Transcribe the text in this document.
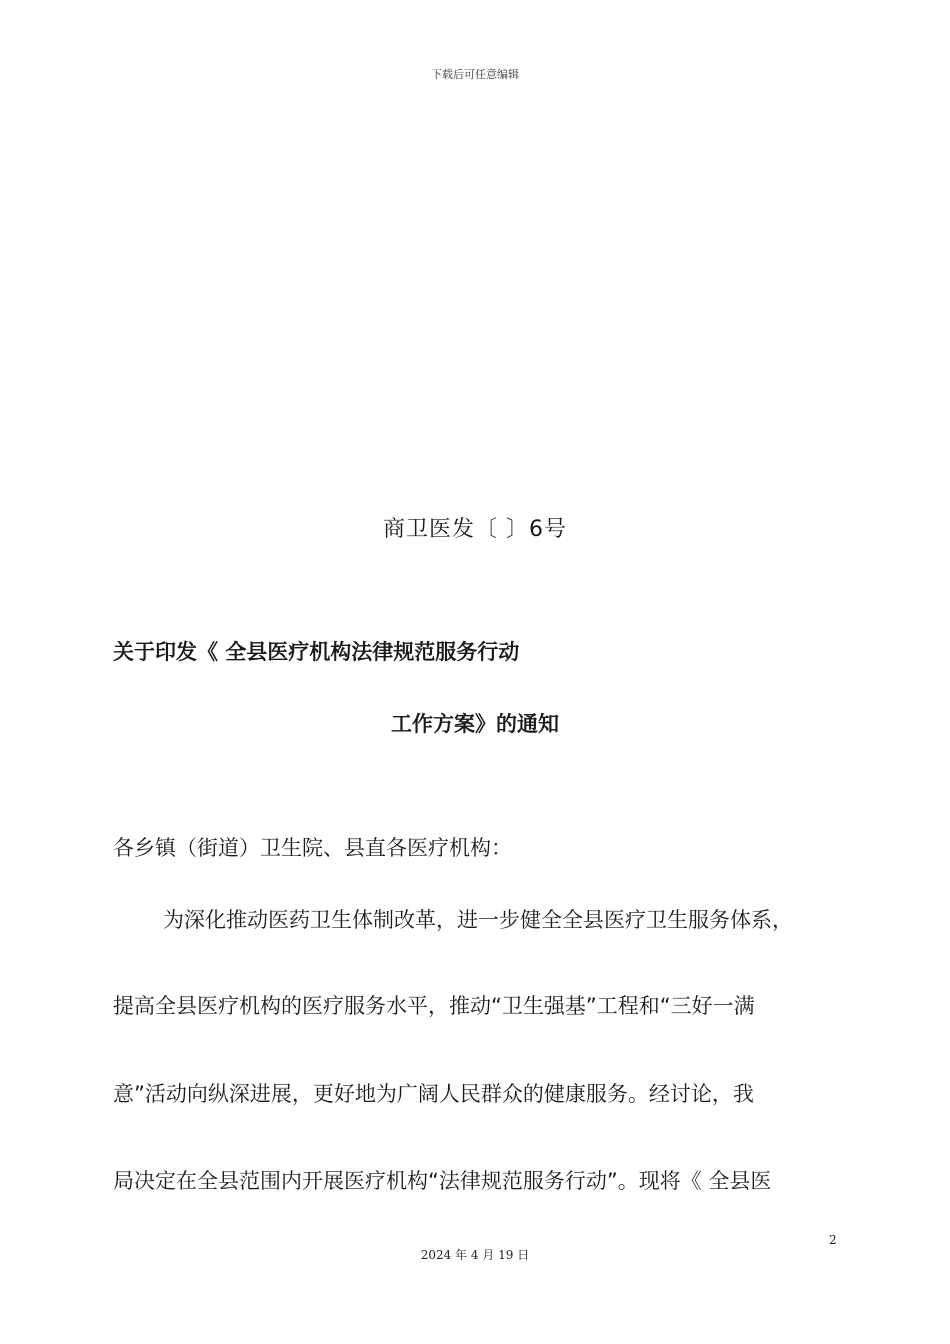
下载后可任意编辑
商卫医发〔 〕6号
关于印发《 全县医疗机构法律规范服务行动
工作方案》的通知
各乡镇（街道）卫生院、县直各医疗机构：
为深化推动医药卫生体制改革，进一步健全全县医疗卫生服务体系，
提高全县医疗机构的医疗服务水平，推动“卫生强基”工程和“三好一满
意”活动向纵深进展，更好地为广阔人民群众的健康服务。经讨论，我
局决定在全县范围内开展医疗机构“法律规范服务行动”。现将《 全县医
2
2024 年 4 月 19 日
